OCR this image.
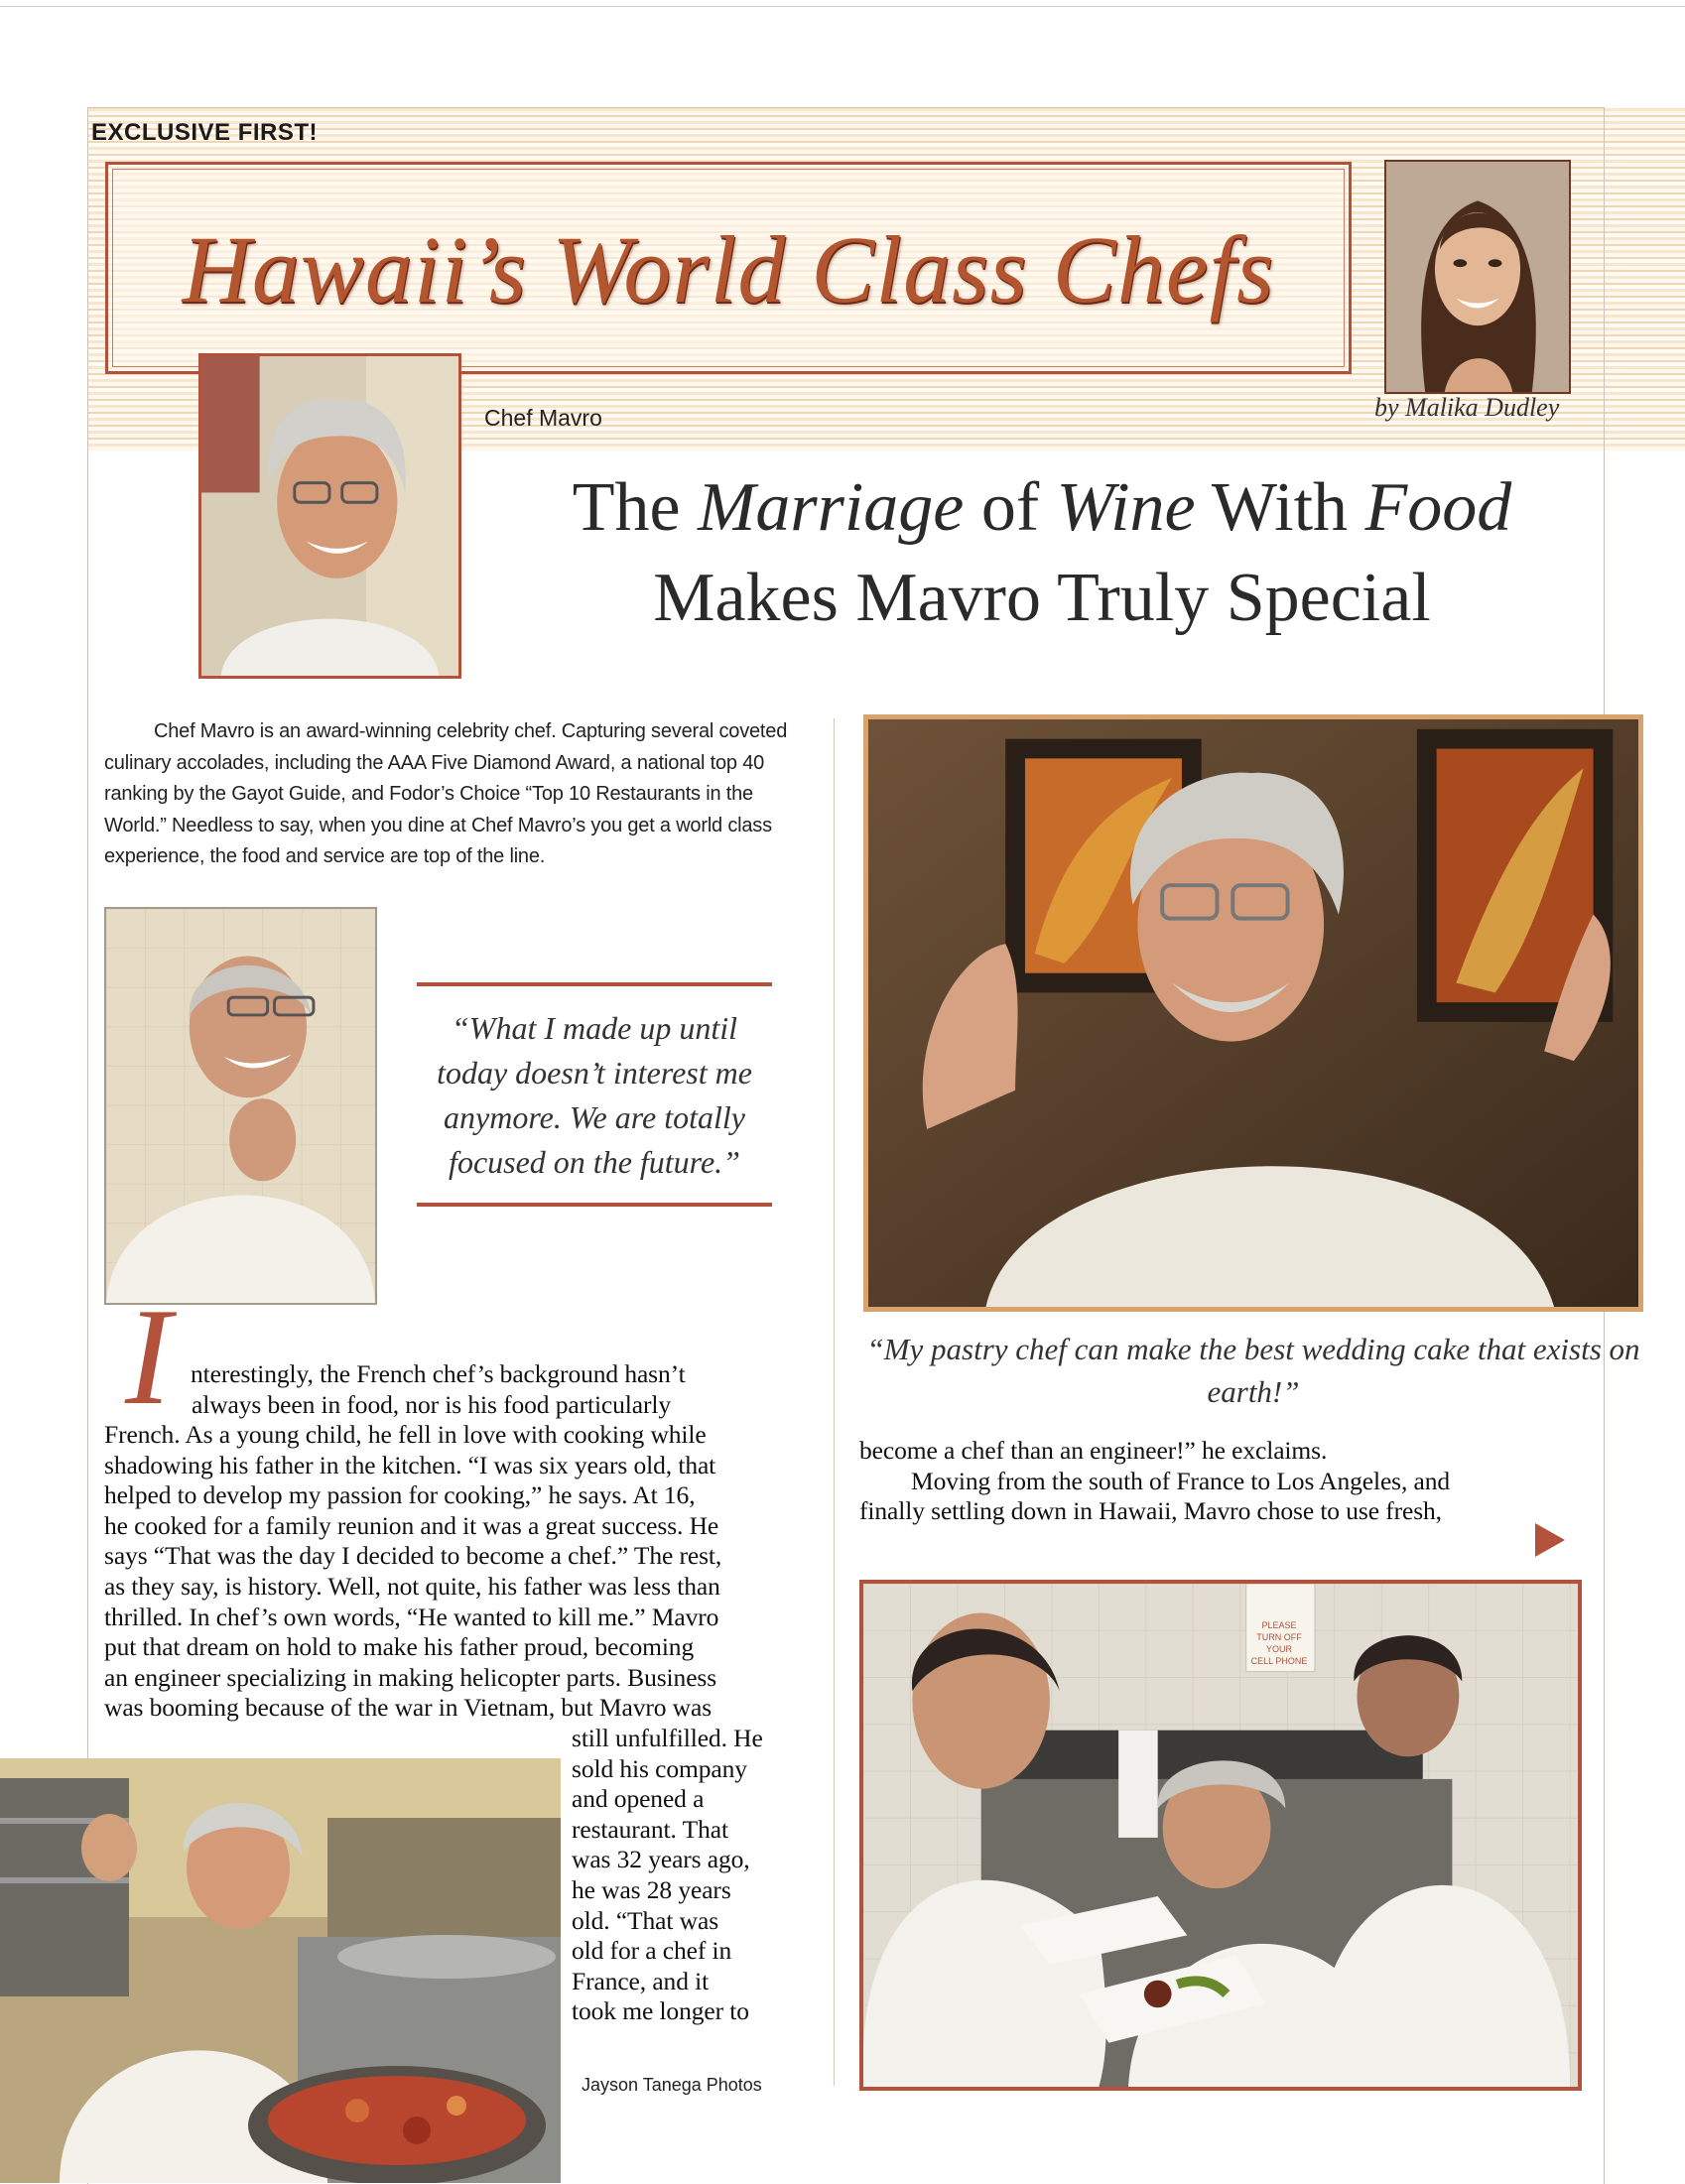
EXCLUSIVE FIRST!
Hawaii’s World Class Chefs
by Malika Dudley
Chef Mavro
The Marriage of Wine With Food
Makes Mavro Truly Special
Chef Mavro is an award-winning celebrity chef. Capturing several coveted culinary accolades, including the AAA Five Diamond Award, a national top 40 ranking by the Gayot Guide, and Fodor’s Choice “Top 10 Restaurants in the World.” Needless to say, when you dine at Chef Mavro’s you get a world class experience, the food and service are top of the line.
“What I made up until today doesn’t interest me anymore. We are totally focused on the future.”
I nterestingly, the French chef’s background hasn’t
always been in food, nor is his food particularly
French. As a young child, he fell in love with cooking while
shadowing his father in the kitchen. “I was six years old, that
helped to develop my passion for cooking,” he says. At 16,
he cooked for a family reunion and it was a great success. He
says “That was the day I decided to become a chef.” The rest,
as they say, is history. Well, not quite, his father was less than
thrilled. In chef’s own words, “He wanted to kill me.” Mavro
put that dream on hold to make his father proud, becoming
an engineer specializing in making helicopter parts. Business
was booming because of the war in Vietnam, but Mavro was
still unfulfilled. He
sold his company
and opened a
restaurant. That
was 32 years ago,
he was 28 years
old. “That was
old for a chef in
France, and it
took me longer to
Jayson Tanega Photos
“My pastry chef can make the best wedding cake that exists on earth!”
become a chef than an engineer!” he exclaims.
Moving from the south of France to Los Angeles, and
finally settling down in Hawaii, Mavro chose to use fresh,
PLEASE
TURN OFF
YOUR
CELL PHONE
